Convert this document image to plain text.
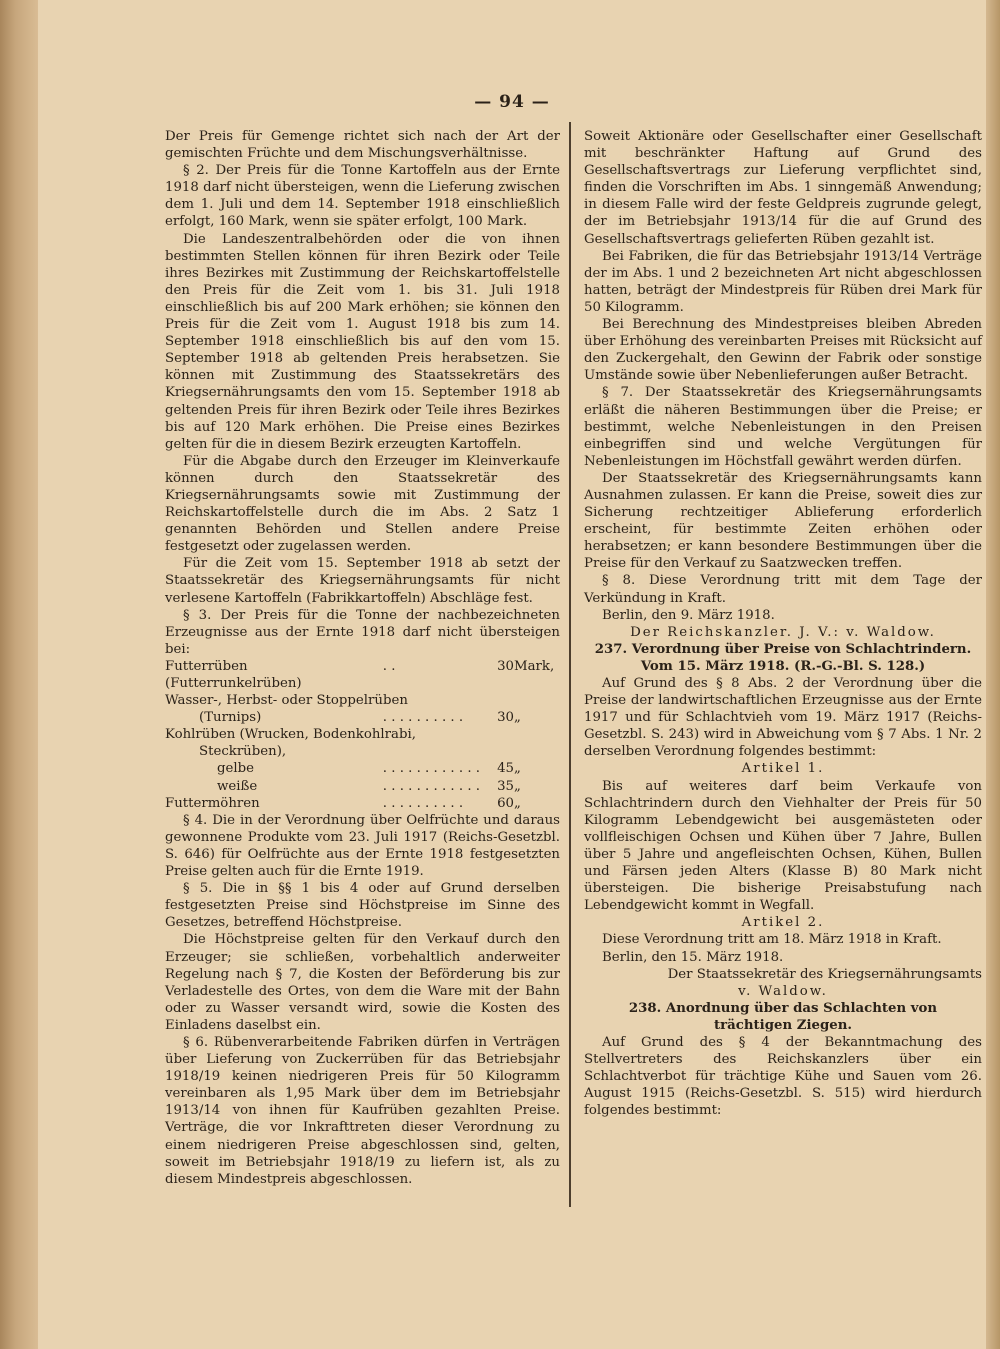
— 94 —

Der Preis für Gemenge richtet sich nach der Art der gemischten Früchte und dem Mischungsverhältnisse.

§ 2. Der Preis für die Tonne Kartoffeln aus der Ernte 1918 darf nicht übersteigen, wenn die Lieferung zwischen dem 1. Juli und dem 14. September 1918 einschließlich erfolgt, 160 Mark, wenn sie später erfolgt, 100 Mark.

Die Landeszentralbehörden oder die von ihnen bestimmten Stellen können für ihren Bezirk oder Teile ihres Bezirkes mit Zustimmung der Reichskartoffelstelle den Preis für die Zeit vom 1. bis 31. Juli 1918 einschließlich bis auf 200 Mark erhöhen; sie können den Preis für die Zeit vom 1. August 1918 bis zum 14. September 1918 einschließlich bis auf den vom 15. September 1918 ab geltenden Preis herabsetzen. Sie können mit Zustimmung des Staatssekretärs des Kriegsernährungsamts den vom 15. September 1918 ab geltenden Preis für ihren Bezirk oder Teile ihres Bezirkes bis auf 120 Mark erhöhen. Die Preise eines Bezirkes gelten für die in diesem Bezirk erzeugten Kartoffeln.

Für die Abgabe durch den Erzeuger im Kleinverkaufe können durch den Staatssekretär des Kriegsernährungsamts sowie mit Zustimmung der Reichskartoffelstelle durch die im Abs. 2 Satz 1 genannten Behörden und Stellen andere Preise festgesetzt oder zugelassen werden.

Für die Zeit vom 15. September 1918 ab setzt der Staatssekretär des Kriegsernährungsamts für nicht verlesene Kartoffeln (Fabrikkartoffeln) Abschläge fest.

§ 3. Der Preis für die Tonne der nachbezeichneten Erzeugnisse aus der Ernte 1918 darf nicht übersteigen bei:

Futterrüben (Futterrunkelrüben)	. .	30	Mark,
Wasser-, Herbst- oder Stoppelrüben			
(Turnips)	. . . . . . . . . .	30	„
Kohlrüben (Wrucken, Bodenkohlrabi,			
Steckrüben),			
gelbe	. . . . . . . . . . . .	45	„
weiße	. . . . . . . . . . . .	35	„
Futtermöhren	. . . . . . . . . .	60	„

§ 4. Die in der Verordnung über Oelfrüchte und daraus gewonnene Produkte vom 23. Juli 1917 (Reichs-Gesetzbl. S. 646) für Oelfrüchte aus der Ernte 1918 festgesetzten Preise gelten auch für die Ernte 1919.

§ 5. Die in §§ 1 bis 4 oder auf Grund derselben festgesetzten Preise sind Höchstpreise im Sinne des Gesetzes, betreffend Höchstpreise.

Die Höchstpreise gelten für den Verkauf durch den Erzeuger; sie schließen, vorbehaltlich anderweiter Regelung nach § 7, die Kosten der Beförderung bis zur Verladestelle des Ortes, von dem die Ware mit der Bahn oder zu Wasser versandt wird, sowie die Kosten des Einladens daselbst ein.

§ 6. Rübenverarbeitende Fabriken dürfen in Verträgen über Lieferung von Zuckerrüben für das Betriebsjahr 1918/19 keinen niedrigeren Preis für 50 Kilogramm vereinbaren als 1,95 Mark über dem im Betriebsjahr 1913/14 von ihnen für Kaufrüben gezahlten Preise. Verträge, die vor Inkrafttreten dieser Verordnung zu einem niedrigeren Preise abgeschlossen sind, gelten, soweit im Betriebsjahr 1918/19 zu liefern ist, als zu diesem Mindestpreis abgeschlossen.

Soweit Aktionäre oder Gesellschafter einer Gesellschaft mit beschränkter Haftung auf Grund des Gesellschaftsvertrags zur Lieferung verpflichtet sind, finden die Vorschriften im Abs. 1 sinngemäß Anwendung; in diesem Falle wird der feste Geldpreis zugrunde gelegt, der im Betriebsjahr 1913/14 für die auf Grund des Gesellschaftsvertrags gelieferten Rüben gezahlt ist.

Bei Fabriken, die für das Betriebsjahr 1913/14 Verträge der im Abs. 1 und 2 bezeichneten Art nicht abgeschlossen hatten, beträgt der Mindestpreis für Rüben drei Mark für 50 Kilogramm.

Bei Berechnung des Mindestpreises bleiben Abreden über Erhöhung des vereinbarten Preises mit Rücksicht auf den Zuckergehalt, den Gewinn der Fabrik oder sonstige Umstände sowie über Nebenlieferungen außer Betracht.

§ 7. Der Staatssekretär des Kriegsernährungsamts erläßt die näheren Bestimmungen über die Preise; er bestimmt, welche Nebenleistungen in den Preisen einbegriffen sind und welche Vergütungen für Nebenleistungen im Höchstfall gewährt werden dürfen.

Der Staatssekretär des Kriegsernährungsamts kann Ausnahmen zulassen. Er kann die Preise, soweit dies zur Sicherung rechtzeitiger Ablieferung erforderlich erscheint, für bestimmte Zeiten erhöhen oder herabsetzen; er kann besondere Bestimmungen über die Preise für den Verkauf zu Saatzwecken treffen.

§ 8. Diese Verordnung tritt mit dem Tage der Verkündung in Kraft.

Berlin, den 9. März 1918.

Der Reichskanzler. J. V.: v. Waldow.

237. Verordnung über Preise von Schlachtrindern.

Vom 15. März 1918. (R.-G.-Bl. S. 128.)

Auf Grund des § 8 Abs. 2 der Verordnung über die Preise der landwirtschaftlichen Erzeugnisse aus der Ernte 1917 und für Schlachtvieh vom 19. März 1917 (Reichs-Gesetzbl. S. 243) wird in Abweichung vom § 7 Abs. 1 Nr. 2 derselben Verordnung folgendes bestimmt:

Artikel 1.

Bis auf weiteres darf beim Verkaufe von Schlachtrindern durch den Viehhalter der Preis für 50 Kilogramm Lebendgewicht bei ausgemästeten oder vollfleischigen Ochsen und Kühen über 7 Jahre, Bullen über 5 Jahre und angefleischten Ochsen, Kühen, Bullen und Färsen jeden Alters (Klasse B) 80 Mark nicht übersteigen. Die bisherige Preisabstufung nach Lebendgewicht kommt in Wegfall.

Artikel 2.

Diese Verordnung tritt am 18. März 1918 in Kraft.

Berlin, den 15. März 1918.

Der Staatssekretär des Kriegsernährungsamts

v. Waldow.

238. Anordnung über das Schlachten von

trächtigen Ziegen.

Auf Grund des § 4 der Bekanntmachung des Stellvertreters des Reichskanzlers über ein Schlachtverbot für trächtige Kühe und Sauen vom 26. August 1915 (Reichs-Gesetzbl. S. 515) wird hierdurch folgendes bestimmt:
